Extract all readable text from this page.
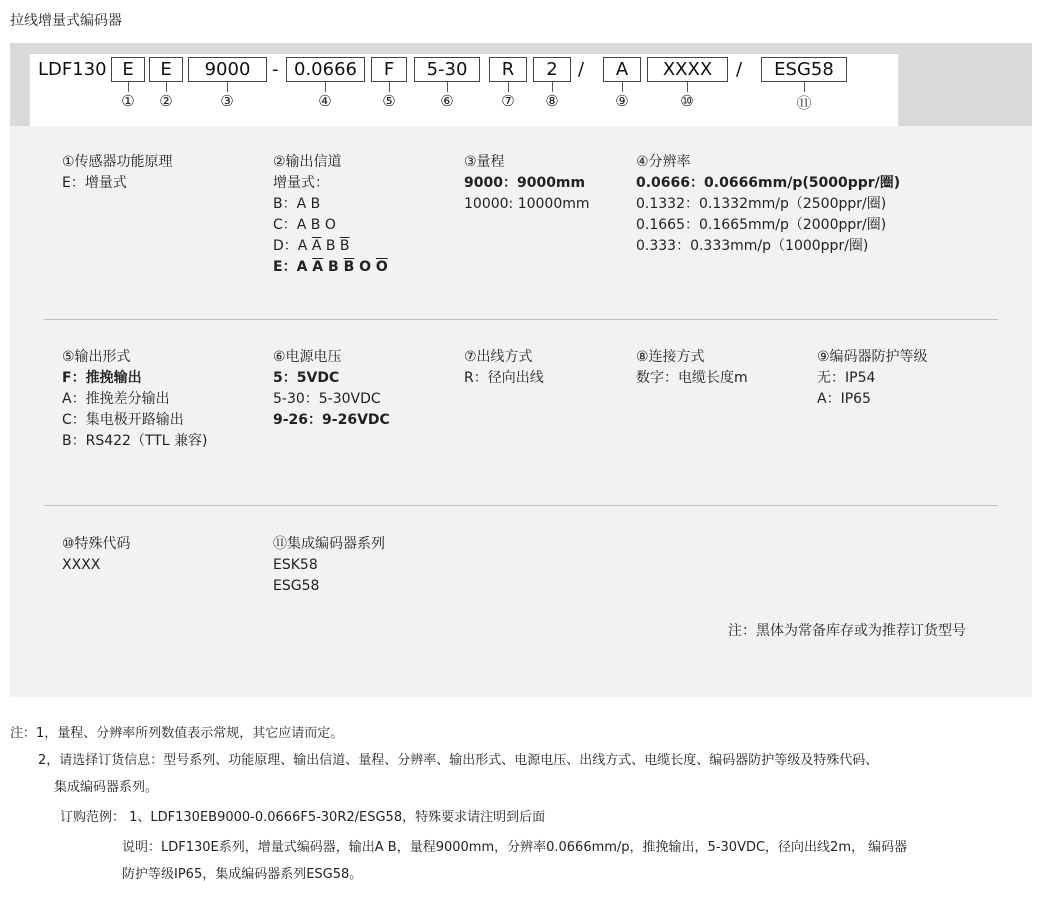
拉线增量式编码器
LDF130 E	E	9000	- 0.0666	F	5-30	R	2	/	A	XXXX	/	ESG58
① ②	③	④	⑤	⑥	⑦ ⑧	⑨	⑩	⑪
①传感器功能原理
E：增量式
②输出信道
增量式：
B：A B
C：A B O
D：A $\overline{A}$ B $\overline{B}$
E：A $\overline{A}$ B $\overline{B}$ O $\overline{O}$
③量程
9000：9000mm
10000: 10000mm
④分辨率
0.0666：0.0666mm/p(5000ppr/圈)
0.1332：0.1332mm/p（2500ppr/圈)
0.1665：0.1665mm/p（2000ppr/圈)
0.333：0.333mm/p（1000ppr/圈)
⑤输出形式
F：推挽输出
A：推挽差分输出
C：集电极开路输出
B：RS422（TTL 兼容)
⑥电源电压
5：5VDC
5-30：5-30VDC
9-26：9-26VDC
⑦出线方式
R：径向出线
⑧连接方式
数字：电缆长度m
⑨编码器防护等级
无：IP54
A：IP65
⑩特殊代码
XXXX
⑪集成编码器系列
ESK58
ESG58
注：黑体为常备库存或为推荐订货型号
注：1，量程、分辨率所列数值表示常规，其它应请而定。
2，请选择订货信息：型号系列、功能原理、输出信道、量程、分辨率、输出形式、电源电压、出线方式、电缆长度、编码器防护等级及特殊代码、
集成编码器系列。
订购范例： 1、LDF130EB9000-0.0666F5-30R2/ESG58，特殊要求请注明到后面
说明：LDF130E系列，增量式编码器，输出A B，量程9000mm，分辨率0.0666mm/p，推挽输出，5-30VDC，径向出线2m， 编码器
防护等级IP65，集成编码器系列ESG58。
